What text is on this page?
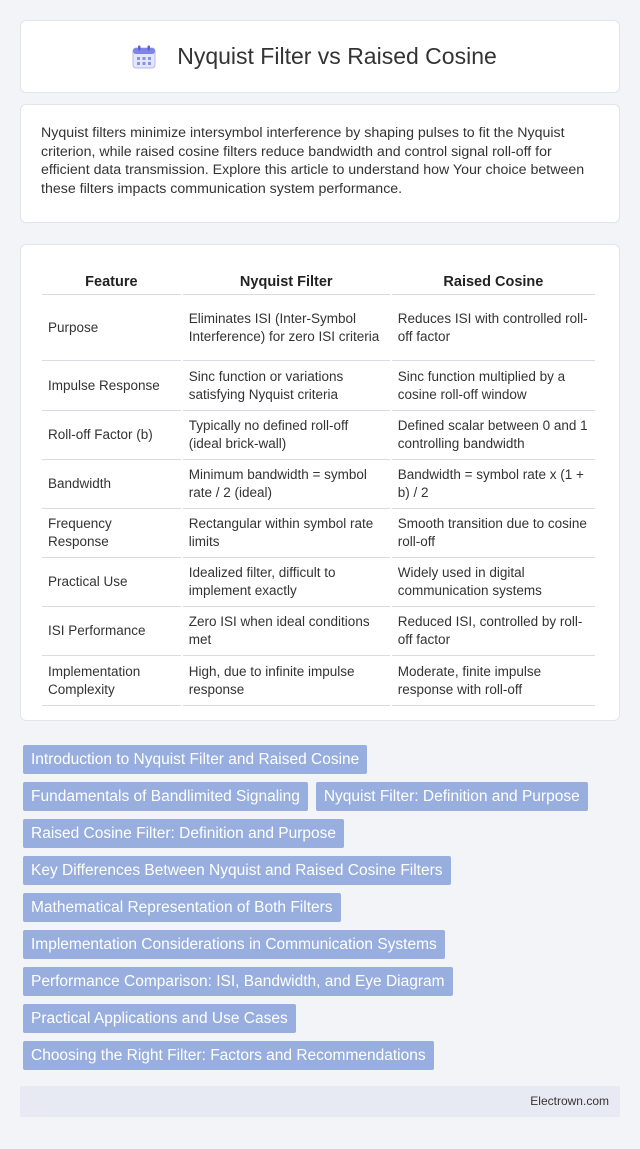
Nyquist Filter vs Raised Cosine

Nyquist filters minimize intersymbol interference by shaping pulses to fit the Nyquist criterion, while raised cosine filters reduce bandwidth and control signal roll-off for efficient data transmission. Explore this article to understand how Your choice between these filters impacts communication system performance.

Feature	Nyquist Filter	Raised Cosine
Purpose	Eliminates ISI (Inter-Symbol Interference) for zero ISI criteria	Reduces ISI with controlled roll-off factor
Impulse Response	Sinc function or variations satisfying Nyquist criteria	Sinc function multiplied by a cosine roll-off window
Roll-off Factor (b)	Typically no defined roll-off (ideal brick-wall)	Defined scalar between 0 and 1 controlling bandwidth
Bandwidth	Minimum bandwidth = symbol rate / 2 (ideal)	Bandwidth = symbol rate x (1 + b) / 2
Frequency Response	Rectangular within symbol rate limits	Smooth transition due to cosine roll-off
Practical Use	Idealized filter, difficult to implement exactly	Widely used in digital communication systems
ISI Performance	Zero ISI when ideal conditions met	Reduced ISI, controlled by roll-off factor
Implementation Complexity	High, due to infinite impulse response	Moderate, finite impulse response with roll-off
Introduction to Nyquist Filter and Raised Cosine
Fundamentals of Bandlimited Signaling	Nyquist Filter: Definition and Purpose
Raised Cosine Filter: Definition and Purpose
Key Differences Between Nyquist and Raised Cosine Filters
Mathematical Representation of Both Filters
Implementation Considerations in Communication Systems
Performance Comparison: ISI, Bandwidth, and Eye Diagram
Practical Applications and Use Cases
Choosing the Right Filter: Factors and Recommendations
Electrown.com
